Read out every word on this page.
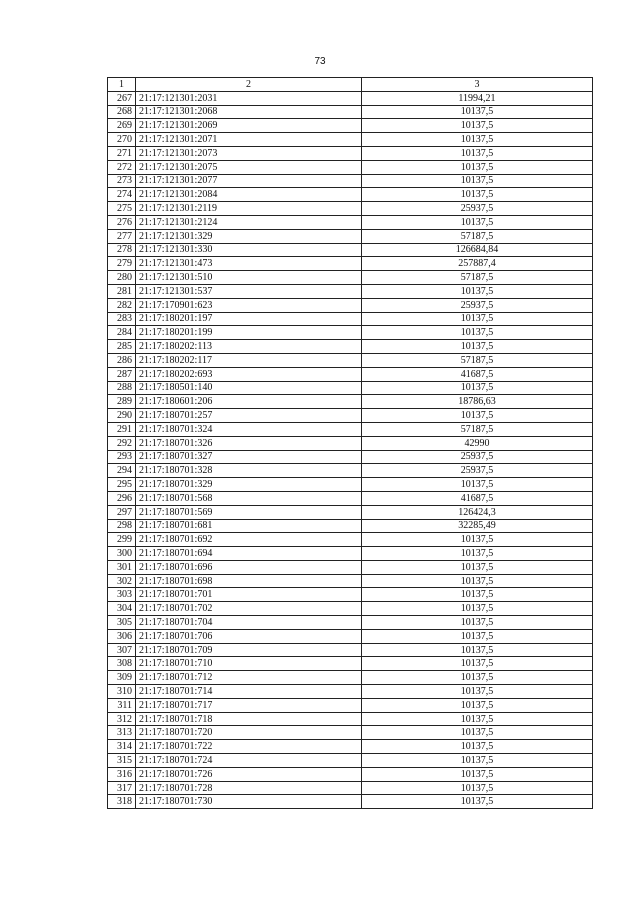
73
1	2	3
267	21:17:121301:2031	11994,21
268	21:17:121301:2068	10137,5
269	21:17:121301:2069	10137,5
270	21:17:121301:2071	10137,5
271	21:17:121301:2073	10137,5
272	21:17:121301:2075	10137,5
273	21:17:121301:2077	10137,5
274	21:17:121301:2084	10137,5
275	21:17:121301:2119	25937,5
276	21:17:121301:2124	10137,5
277	21:17:121301:329	57187,5
278	21:17:121301:330	126684,84
279	21:17:121301:473	257887,4
280	21:17:121301:510	57187,5
281	21:17:121301:537	10137,5
282	21:17:170901:623	25937,5
283	21:17:180201:197	10137,5
284	21:17:180201:199	10137,5
285	21:17:180202:113	10137,5
286	21:17:180202:117	57187,5
287	21:17:180202:693	41687,5
288	21:17:180501:140	10137,5
289	21:17:180601:206	18786,63
290	21:17:180701:257	10137,5
291	21:17:180701:324	57187,5
292	21:17:180701:326	42990
293	21:17:180701:327	25937,5
294	21:17:180701:328	25937,5
295	21:17:180701:329	10137,5
296	21:17:180701:568	41687,5
297	21:17:180701:569	126424,3
298	21:17:180701:681	32285,49
299	21:17:180701:692	10137,5
300	21:17:180701:694	10137,5
301	21:17:180701:696	10137,5
302	21:17:180701:698	10137,5
303	21:17:180701:701	10137,5
304	21:17:180701:702	10137,5
305	21:17:180701:704	10137,5
306	21:17:180701:706	10137,5
307	21:17:180701:709	10137,5
308	21:17:180701:710	10137,5
309	21:17:180701:712	10137,5
310	21:17:180701:714	10137,5
311	21:17:180701:717	10137,5
312	21:17:180701:718	10137,5
313	21:17:180701:720	10137,5
314	21:17:180701:722	10137,5
315	21:17:180701:724	10137,5
316	21:17:180701:726	10137,5
317	21:17:180701:728	10137,5
318	21:17:180701:730	10137,5
